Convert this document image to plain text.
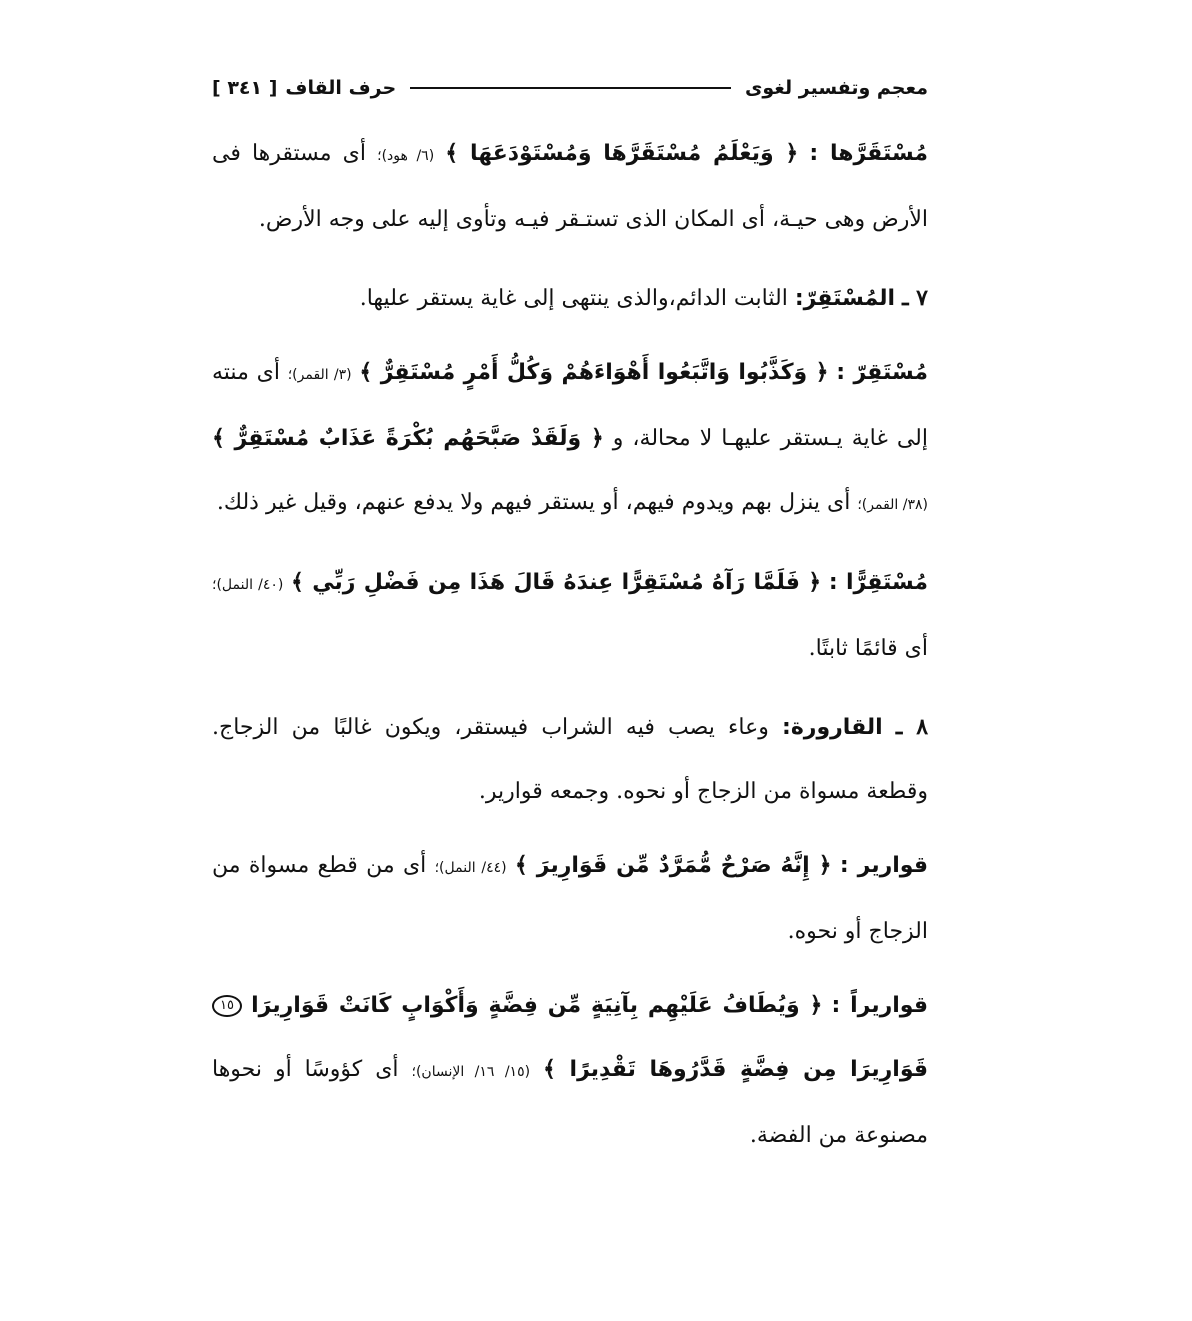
معجم وتفسير لغوى
حرف القاف
[ ٣٤١ ]

مُسْتَقَرَّها : ﴿ وَيَعْلَمُ مُسْتَقَرَّهَا وَمُسْتَوْدَعَهَا ﴾ (٦/ هود)؛ أى مستقرها فى الأرض وهى حيـة، أى المكان الذى تستـقر فيـه وتأوى إليه على وجه الأرض.

٧ ـ المُسْتَقِرّ: الثابت الدائم،والذى ينتهى إلى غاية يستقر عليها.

مُسْتَقِرّ : ﴿ وَكَذَّبُوا وَاتَّبَعُوا أَهْوَاءَهُمْ وَكُلُّ أَمْرٍ مُسْتَقِرٌّ ﴾ (٣/ القمر)؛ أى منته إلى غاية يـستقر عليهـا لا محالة، و ﴿ وَلَقَدْ صَبَّحَهُم بُكْرَةً عَذَابٌ مُسْتَقِرٌّ ﴾ (٣٨/ القمر)؛ أى ينزل بهم ويدوم فيهم، أو يستقر فيهم ولا يدفع عنهم، وقيل غير ذلك.

مُسْتَقِرًّا : ﴿ فَلَمَّا رَآهُ مُسْتَقِرًّا عِندَهُ قَالَ هَذَا مِن فَضْلِ رَبِّي ﴾ (٤٠/ النمل)؛ أى قائمًا ثابتًا.

٨ ـ القارورة: وعاء يصب فيه الشراب فيستقر، ويكون غالبًا من الزجاج. وقطعة مسواة من الزجاج أو نحوه. وجمعه قوارير.

قوارير : ﴿ إِنَّهُ صَرْحٌ مُّمَرَّدٌ مِّن قَوَارِيرَ ﴾ (٤٤/ النمل)؛ أى من قطع مسواة من الزجاج أو نحوه.

قواريراً : ﴿ وَيُطَافُ عَلَيْهِم بِآنِيَةٍ مِّن فِضَّةٍ وَأَكْوَابٍ كَانَتْ قَوَارِيرَا ١٥ قَوَارِيرَا مِن فِضَّةٍ قَدَّرُوهَا تَقْدِيرًا ﴾ (١٥/ ١٦/ الإنسان)؛ أى كؤوسًا أو نحوها مصنوعة من الفضة.
